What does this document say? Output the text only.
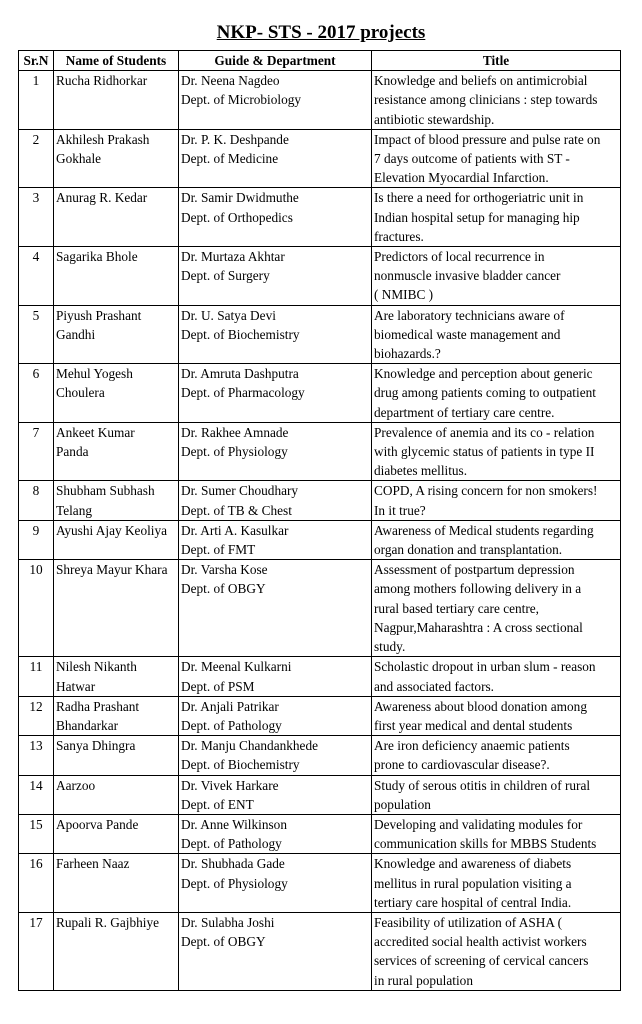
NKP- STS - 2017 projects
Sr.N	Name of Students	Guide & Department	Title
1	Rucha Ridhorkar	Dr. Neena Nagdeo
Dept. of Microbiology	Knowledge and beliefs on antimicrobial
resistance among clinicians : step towards
antibiotic stewardship.

2	Akhilesh Prakash
Gokhale	Dr. P. K. Deshpande
Dept. of Medicine	Impact of blood pressure and pulse rate on
7 days outcome of patients with ST -
Elevation Myocardial Infarction.

3	Anurag R. Kedar	Dr. Samir Dwidmuthe
Dept. of Orthopedics	Is there a need for orthogeriatric unit in
Indian hospital setup for managing hip
fractures.

4	Sagarika Bhole	Dr. Murtaza Akhtar
Dept. of Surgery	Predictors of local recurrence in
nonmuscle invasive bladder cancer
( NMIBC )

5	Piyush Prashant
Gandhi	Dr. U. Satya Devi
Dept. of Biochemistry	Are laboratory technicians aware of
biomedical waste management and
biohazards.?

6	Mehul Yogesh
Choulera	Dr. Amruta Dashputra
Dept. of Pharmacology	Knowledge and perception about generic
drug among patients coming to outpatient
department of tertiary care centre.

7	Ankeet Kumar
Panda	Dr. Rakhee Amnade
Dept. of Physiology	Prevalence of anemia and its co - relation
with glycemic status of patients in type II
diabetes mellitus.

8	Shubham Subhash
Telang	Dr. Sumer Choudhary
Dept. of TB & Chest	COPD, A rising concern for non smokers!
In it true?

9	Ayushi Ajay Keoliya	Dr. Arti A. Kasulkar
Dept. of FMT	Awareness of Medical students regarding
organ donation and transplantation.

10	Shreya Mayur Khara	Dr. Varsha Kose
Dept. of OBGY	Assessment of postpartum depression
among mothers following delivery in a
rural based tertiary care centre,
Nagpur,Maharashtra : A cross sectional
study.

11	Nilesh Nikanth
Hatwar	Dr. Meenal Kulkarni
Dept. of PSM	Scholastic dropout in urban slum - reason
and associated factors.

12	Radha Prashant
Bhandarkar	Dr. Anjali Patrikar
Dept. of Pathology	Awareness about blood donation among
first year medical and dental students

13	Sanya Dhingra	Dr. Manju Chandankhede
Dept. of Biochemistry	Are iron deficiency anaemic patients
prone to cardiovascular disease?.

14	Aarzoo	Dr. Vivek Harkare
Dept. of ENT	Study of serous otitis in children of rural
population

15	Apoorva Pande	Dr. Anne Wilkinson
Dept. of Pathology	Developing and validating modules for
communication skills for MBBS Students

16	Farheen Naaz	Dr. Shubhada Gade
Dept. of Physiology	Knowledge and awareness of diabets
mellitus in rural population visiting a
tertiary care hospital of central India.

17	Rupali R. Gajbhiye	Dr. Sulabha Joshi
Dept. of OBGY	Feasibility of utilization of ASHA (
accredited social health activist workers
services of screening of cervical cancers
in rural population
